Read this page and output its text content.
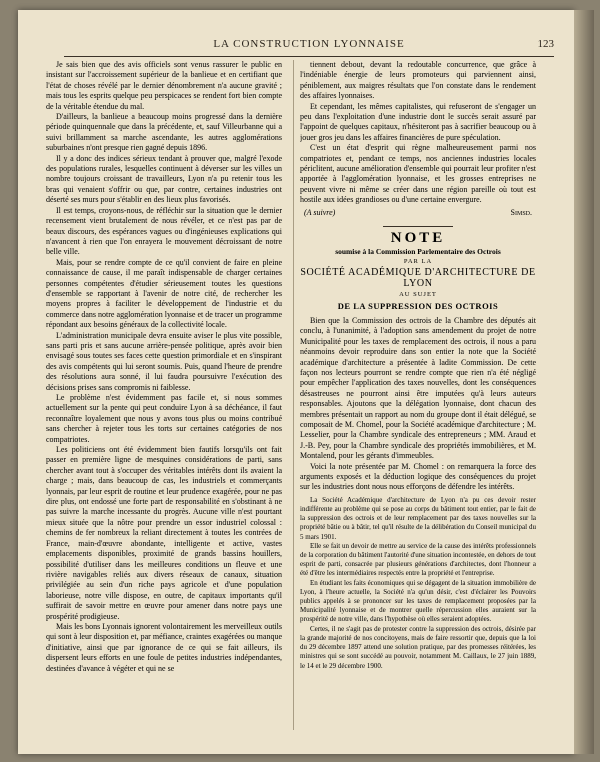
LA CONSTRUCTION LYONNAISE	123

Je sais bien que des avis officiels sont venus rassurer le public en insistant sur l'accroissement supérieur de la banlieue et en certifiant que l'état de choses révélé par le dernier dénombrement n'a aucune gravité ; mais tous les esprits quelque peu perspicaces se rendent fort bien compte de la véritable étendue du mal.

D'ailleurs, la banlieue a beaucoup moins progressé dans la dernière période quinquennale que dans la précédente, et, sauf Villeurbanne qui a suivi brillamment sa marche ascendante, les autres agglomérations suburbaines n'ont presque rien gagné depuis 1896.

Il y a donc des indices sérieux tendant à prouver que, malgré l'exode des populations rurales, lesquelles continuent à déverser sur les villes un nombre toujours croissant de travailleurs, Lyon n'a pu retenir tous les bras qui venaient s'offrir ou que, par contre, certaines industries ont déserté ses murs pour s'établir en des lieux plus favorisés.

Il est temps, croyons-nous, de réfléchir sur la situation que le dernier recensement vient brutalement de nous révéler, et ce n'est pas par de beaux discours, des espérances vagues ou d'ingénieuses explications qui n'avancent à rien que l'on enrayera le mouvement décroissant de notre belle ville.

Mais, pour se rendre compte de ce qu'il convient de faire en pleine connaissance de cause, il me paraît indispensable de charger certaines personnes compétentes d'étudier sérieusement toutes les questions d'ensemble se rapportant à l'avenir de notre cité, de rechercher les moyens propres à faciliter le développement de l'industrie et du commerce dans notre agglomération lyonnaise et de tracer un programme répondant aux besoins généraux de la collectivité locale.

L'administration municipale devra ensuite aviser le plus vite possible, sans parti pris et sans aucune arrière-pensée politique, après avoir bien envisagé sous toutes ses faces cette question primordiale et en s'inspirant des avis compétents qui lui seront soumis. Puis, quand l'heure de prendre des résolutions aura sonné, il lui faudra poursuivre l'exécution des décisions prises sans compromis ni faiblesse.

Le problème n'est évidemment pas facile et, si nous sommes actuellement sur la pente qui peut conduire Lyon à sa déchéance, il faut reconnaître loyalement que nous y avons tous plus ou moins contribué sans chercher à rejeter tous les torts sur certaines catégories de nos compatriotes.

Les politiciens ont été évidemment bien fautifs lorsqu'ils ont fait passer en première ligne de mesquines considérations de parti, sans chercher avant tout à s'occuper des véritables intérêts dont ils avaient la charge ; mais, dans beaucoup de cas, les industriels et commerçants lyonnais, par leur esprit de routine et leur prudence exagérée, pour ne pas dire plus, ont endossé une forte part de responsabilité en s'obstinant à ne pas suivre la marche incessante du progrès. Aucune ville n'est pourtant mieux située que la nôtre pour prendre un essor industriel colossal : chemins de fer nombreux la reliant directement à toutes les contrées de France, main-d'œuvre abondante, intelligente et active, vastes emplacements disponibles, proximité de grands bassins houillers, possibilité d'utiliser dans les meilleures conditions un fleuve et une rivière navigables reliés aux divers réseaux de canaux, situation privilégiée au sein d'un riche pays agricole et d'une population laborieuse, notre ville dispose, en outre, de capitaux importants qu'il suffirait de savoir mettre en œuvre pour amener dans notre pays une prospérité prodigieuse.

Mais les bons Lyonnais ignorent volontairement les merveilleux outils qui sont à leur disposition et, par méfiance, craintes exagérées ou manque d'initiative, ainsi que par ignorance de ce qui se fait ailleurs, ils dispersent leurs efforts en une foule de petites industries indépendantes, destinées d'avance à végéter et qui ne se

tiennent debout, devant la redoutable concurrence, que grâce à l'indéniable énergie de leurs promoteurs qui parviennent ainsi, péniblement, aux maigres résultats que l'on constate dans le rendement des affaires lyonnaises.

Et cependant, les mêmes capitalistes, qui refuseront de s'engager un peu dans l'exploitation d'une industrie dont le succès serait assuré par l'appoint de quelques capitaux, n'hésiteront pas à sacrifier beaucoup ou à jouer gros jeu dans les affaires financières de pure spéculation.

C'est un état d'esprit qui règne malheureusement parmi nos compatriotes et, pendant ce temps, nos anciennes industries locales périclitent, aucune amélioration d'ensemble qui pourrait leur profiter n'est apportée à l'agglomération lyonnaise, et les grosses entreprises ne peuvent vivre ni même se créer dans une région pareille où tout est hostile aux idées grandioses ou d'une certaine envergure.

(A suivre)	Simsd.
NOTE
soumise à la Commission Parlementaire des Octrois
PAR LA
SOCIÉTÉ ACADÉMIQUE D'ARCHITECTURE DE LYON
AU SUJET
DE LA SUPPRESSION DES OCTROIS

Bien que la Commission des octrois de la Chambre des députés ait conclu, à l'unanimité, à l'adoption sans amendement du projet de notre Municipalité pour les taxes de remplacement des octrois, il nous a paru néanmoins devoir reproduire dans son entier la note que la Société académique d'architecture a présentée à ladite Commission. De cette façon nos lecteurs pourront se rendre compte que rien n'a été négligé pour empêcher l'application des taxes nouvelles, dont les conséquences désastreuses ne pourront ainsi être imputées qu'à leurs auteurs responsables. Ajoutons que la délégation lyonnaise, dont chacun des membres présentait un rapport au nom du groupe dont il était délégué, se composait de M. Chomel, pour la Société académique d'architecture ; M. Lesselier, pour la Chambre syndicale des entrepreneurs ; MM. Araud et J.-B. Pey, pour la Chambre syndicale des propriétés immobilières, et M. Montalend, pour les gérants d'immeubles.

Voici la note présentée par M. Chomel : on remarquera la force des arguments exposés et la déduction logique des conséquences du projet sur les industries dont nous nous efforçons de défendre les intérêts.

La Société Académique d'architecture de Lyon n'a pu ces devoir rester indifférente au problème qui se pose au corps du bâtiment tout entier, par le fait de la suppression des octrois et de leur remplacement par des taxes nouvelles sur la propriété bâtie ou à bâtir, tel qu'il résulte de la délibération du Conseil municipal du 5 mars 1901.

Elle se fait un devoir de mettre au service de la cause des intérêts professionnels de la corporation du bâtiment l'autorité d'une situation incontestée, en dehors de tout esprit de parti, consacrée par plusieurs générations d'architectes, dont l'honneur a été d'être les intermédiaires respectés entre la propriété et l'entreprise.

En étudiant les faits économiques qui se dégagent de la situation immobilière de Lyon, à l'heure actuelle, la Société n'a qu'un désir, c'est d'éclairer les Pouvoirs publics appelés à se prononcer sur les taxes de remplacement proposées par la Municipalité lyonnaise et de montrer quelle répercussion elles auraient sur la prospérité de notre ville, dans l'hypothèse où elles seraient adoptées.

Certes, il ne s'agit pas de protester contre la suppression des octrois, désirée par la grande majorité de nos concitoyens, mais de faire ressortir que, depuis que la loi du 29 décembre 1897 attend une solution pratique, par des promesses réitérées, les ministres qui se sont succédé au pouvoir, notamment M. Caillaux, le 27 juin 1889, le 14 et le 29 décembre 1900.
